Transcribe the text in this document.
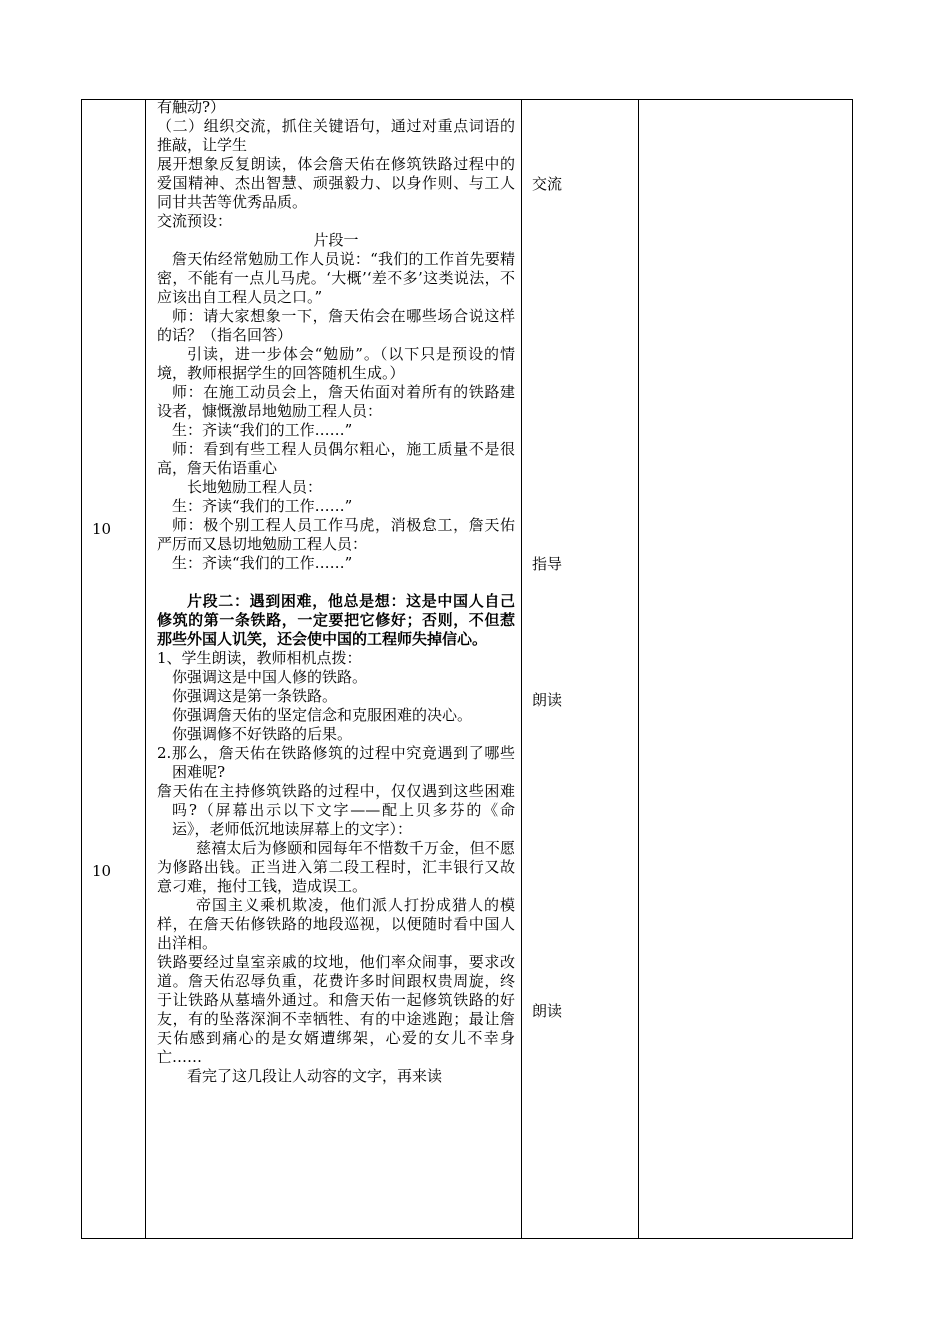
10
10

有触动?）

（二）组织交流，抓住关键语句，通过对重点词语的推敲，让学生

展开想象反复朗读，体会詹天佑在修筑铁路过程中的爱国精神、杰出智慧、顽强毅力、以身作则、与工人同甘共苦等优秀品质。

交流预设：

片段一

詹天佑经常勉励工作人员说：“我们的工作首先要精密，不能有一点儿马虎。‘大概’‘差不多’这类说法，不应该出自工程人员之口。”

师：请大家想象一下，詹天佑会在哪些场合说这样的话？（指名回答）

引读，进一步体会“勉励”。（以下只是预设的情境，教师根据学生的回答随机生成。）

师：在施工动员会上，詹天佑面对着所有的铁路建设者，慷慨激昂地勉励工程人员：

生：齐读“我们的工作……”

师：看到有些工程人员偶尔粗心，施工质量不是很高，詹天佑语重心

长地勉励工程人员：

生：齐读“我们的工作……”

师：极个别工程人员工作马虎，消极怠工，詹天佑严厉而又恳切地勉励工程人员：

生：齐读“我们的工作……”

片段二：遇到困难，他总是想：这是中国人自己修筑的第一条铁路，一定要把它修好；否则，不但惹那些外国人讥笑，还会使中国的工程师失掉信心。

1、学生朗读，教师相机点拨：

你强调这是中国人修的铁路。

你强调这是第一条铁路。

你强调詹天佑的坚定信念和克服困难的决心。

你强调修不好铁路的后果。

2.那么，詹天佑在铁路修筑的过程中究竟遇到了哪些困难呢?

詹天佑在主持修筑铁路的过程中，仅仅遇到这些困难吗?（屏幕出示以下文字——配上贝多芬的《命运》，老师低沉地读屏幕上的文字）：

慈禧太后为修颐和园每年不惜数千万金，但不愿为修路出钱。正当进入第二段工程时，汇丰银行又故意刁难，拖付工钱，造成误工。

帝国主义乘机欺凌，他们派人打扮成猎人的模样，在詹天佑修铁路的地段巡视，以便随时看中国人出洋相。

铁路要经过皇室亲戚的坟地，他们率众闹事，要求改道。詹天佑忍辱负重，花费许多时间跟权贵周旋，终于让铁路从墓墙外通过。和詹天佑一起修筑铁路的好友，有的坠落深涧不幸牺牲、有的中途逃跑；最让詹天佑感到痛心的是女婿遭绑架，心爱的女儿不幸身亡……

看完了这几段让人动容的文字，再来读

交流
指导
朗读
朗读
